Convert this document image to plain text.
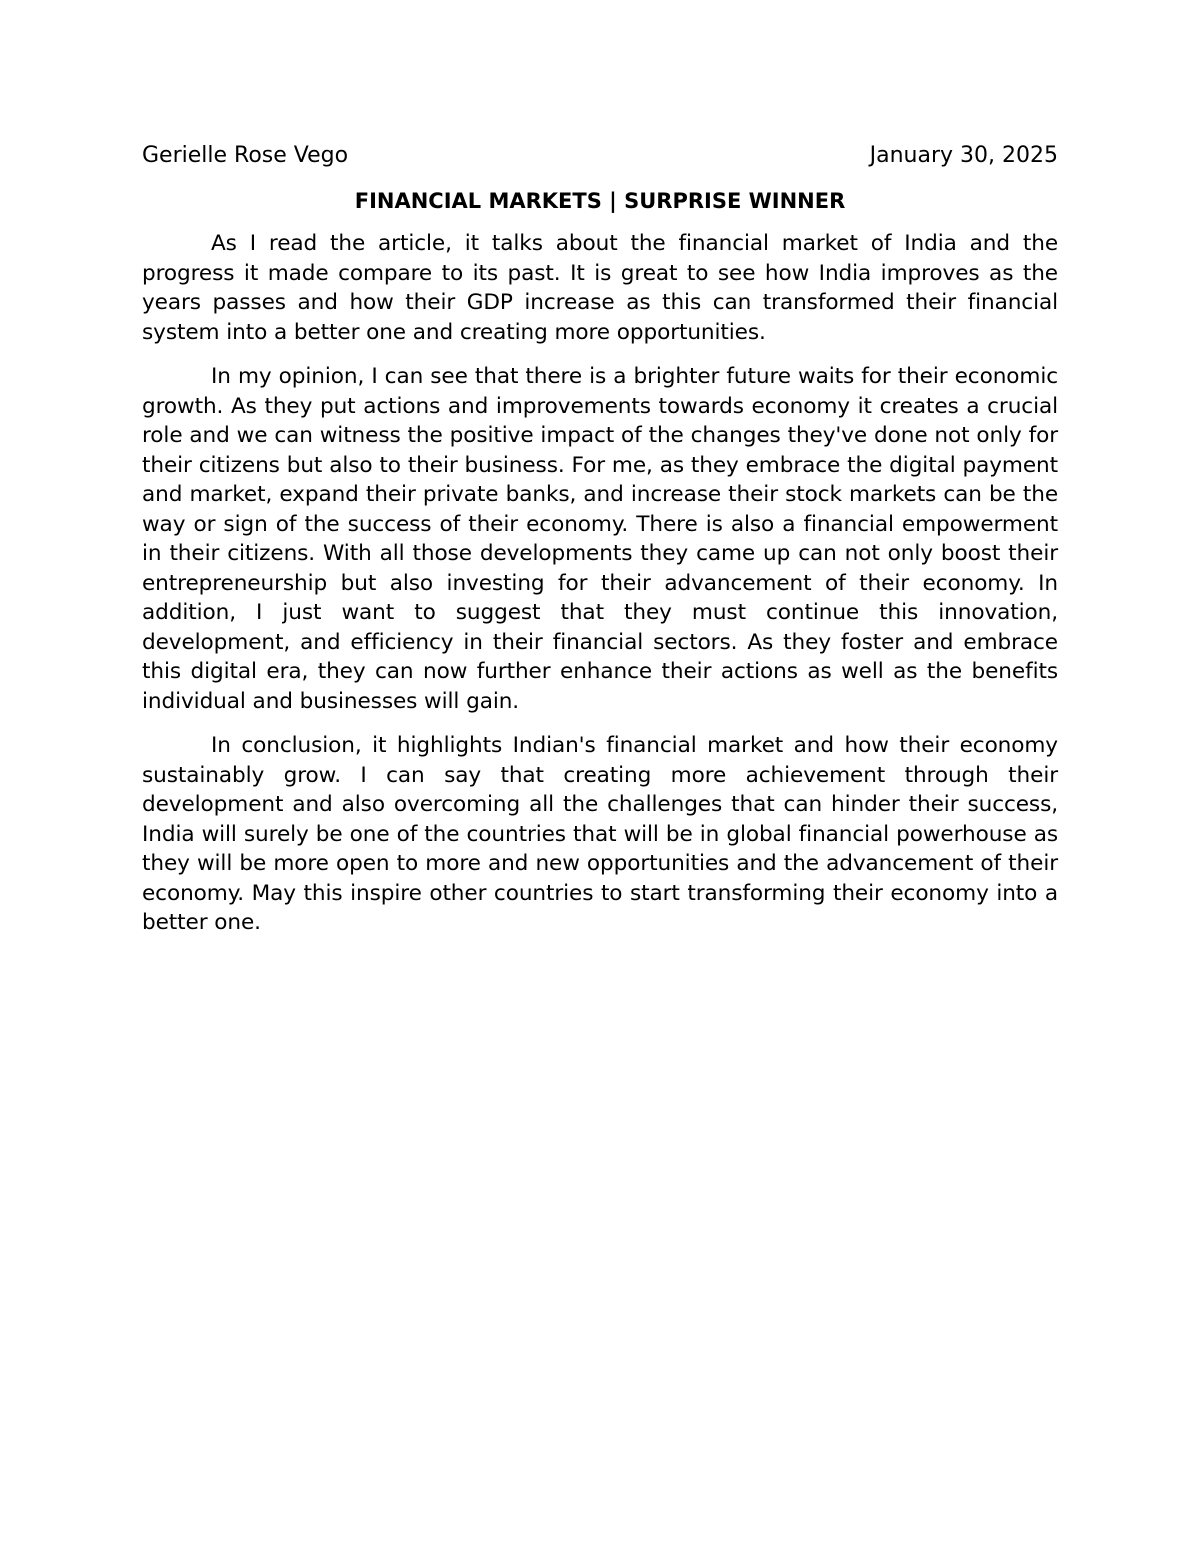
Gerielle Rose Vego	January 30, 2025
FINANCIAL MARKETS | SURPRISE WINNER

As I read the article, it talks about the financial market of India and the progress it made compare to its past. It is great to see how India improves as the years passes and how their GDP increase as this can transformed their financial system into a better one and creating more opportunities.

In my opinion, I can see that there is a brighter future waits for their economic growth. As they put actions and improvements towards economy it creates a crucial role and we can witness the positive impact of the changes they've done not only for their citizens but also to their business. For me, as they embrace the digital payment and market, expand their private banks, and increase their stock markets can be the way or sign of the success of their economy. There is also a financial empowerment in their citizens. With all those developments they came up can not only boost their entrepreneurship but also investing for their advancement of their economy. In addition, I just want to suggest that they must continue this innovation, development, and efficiency in their financial sectors. As they foster and embrace this digital era, they can now further enhance their actions as well as the benefits individual and businesses will gain.

In conclusion, it highlights Indian's financial market and how their economy sustainably grow. I can say that creating more achievement through their development and also overcoming all the challenges that can hinder their success, India will surely be one of the countries that will be in global financial powerhouse as they will be more open to more and new opportunities and the advancement of their economy. May this inspire other countries to start transforming their economy into a better one.
